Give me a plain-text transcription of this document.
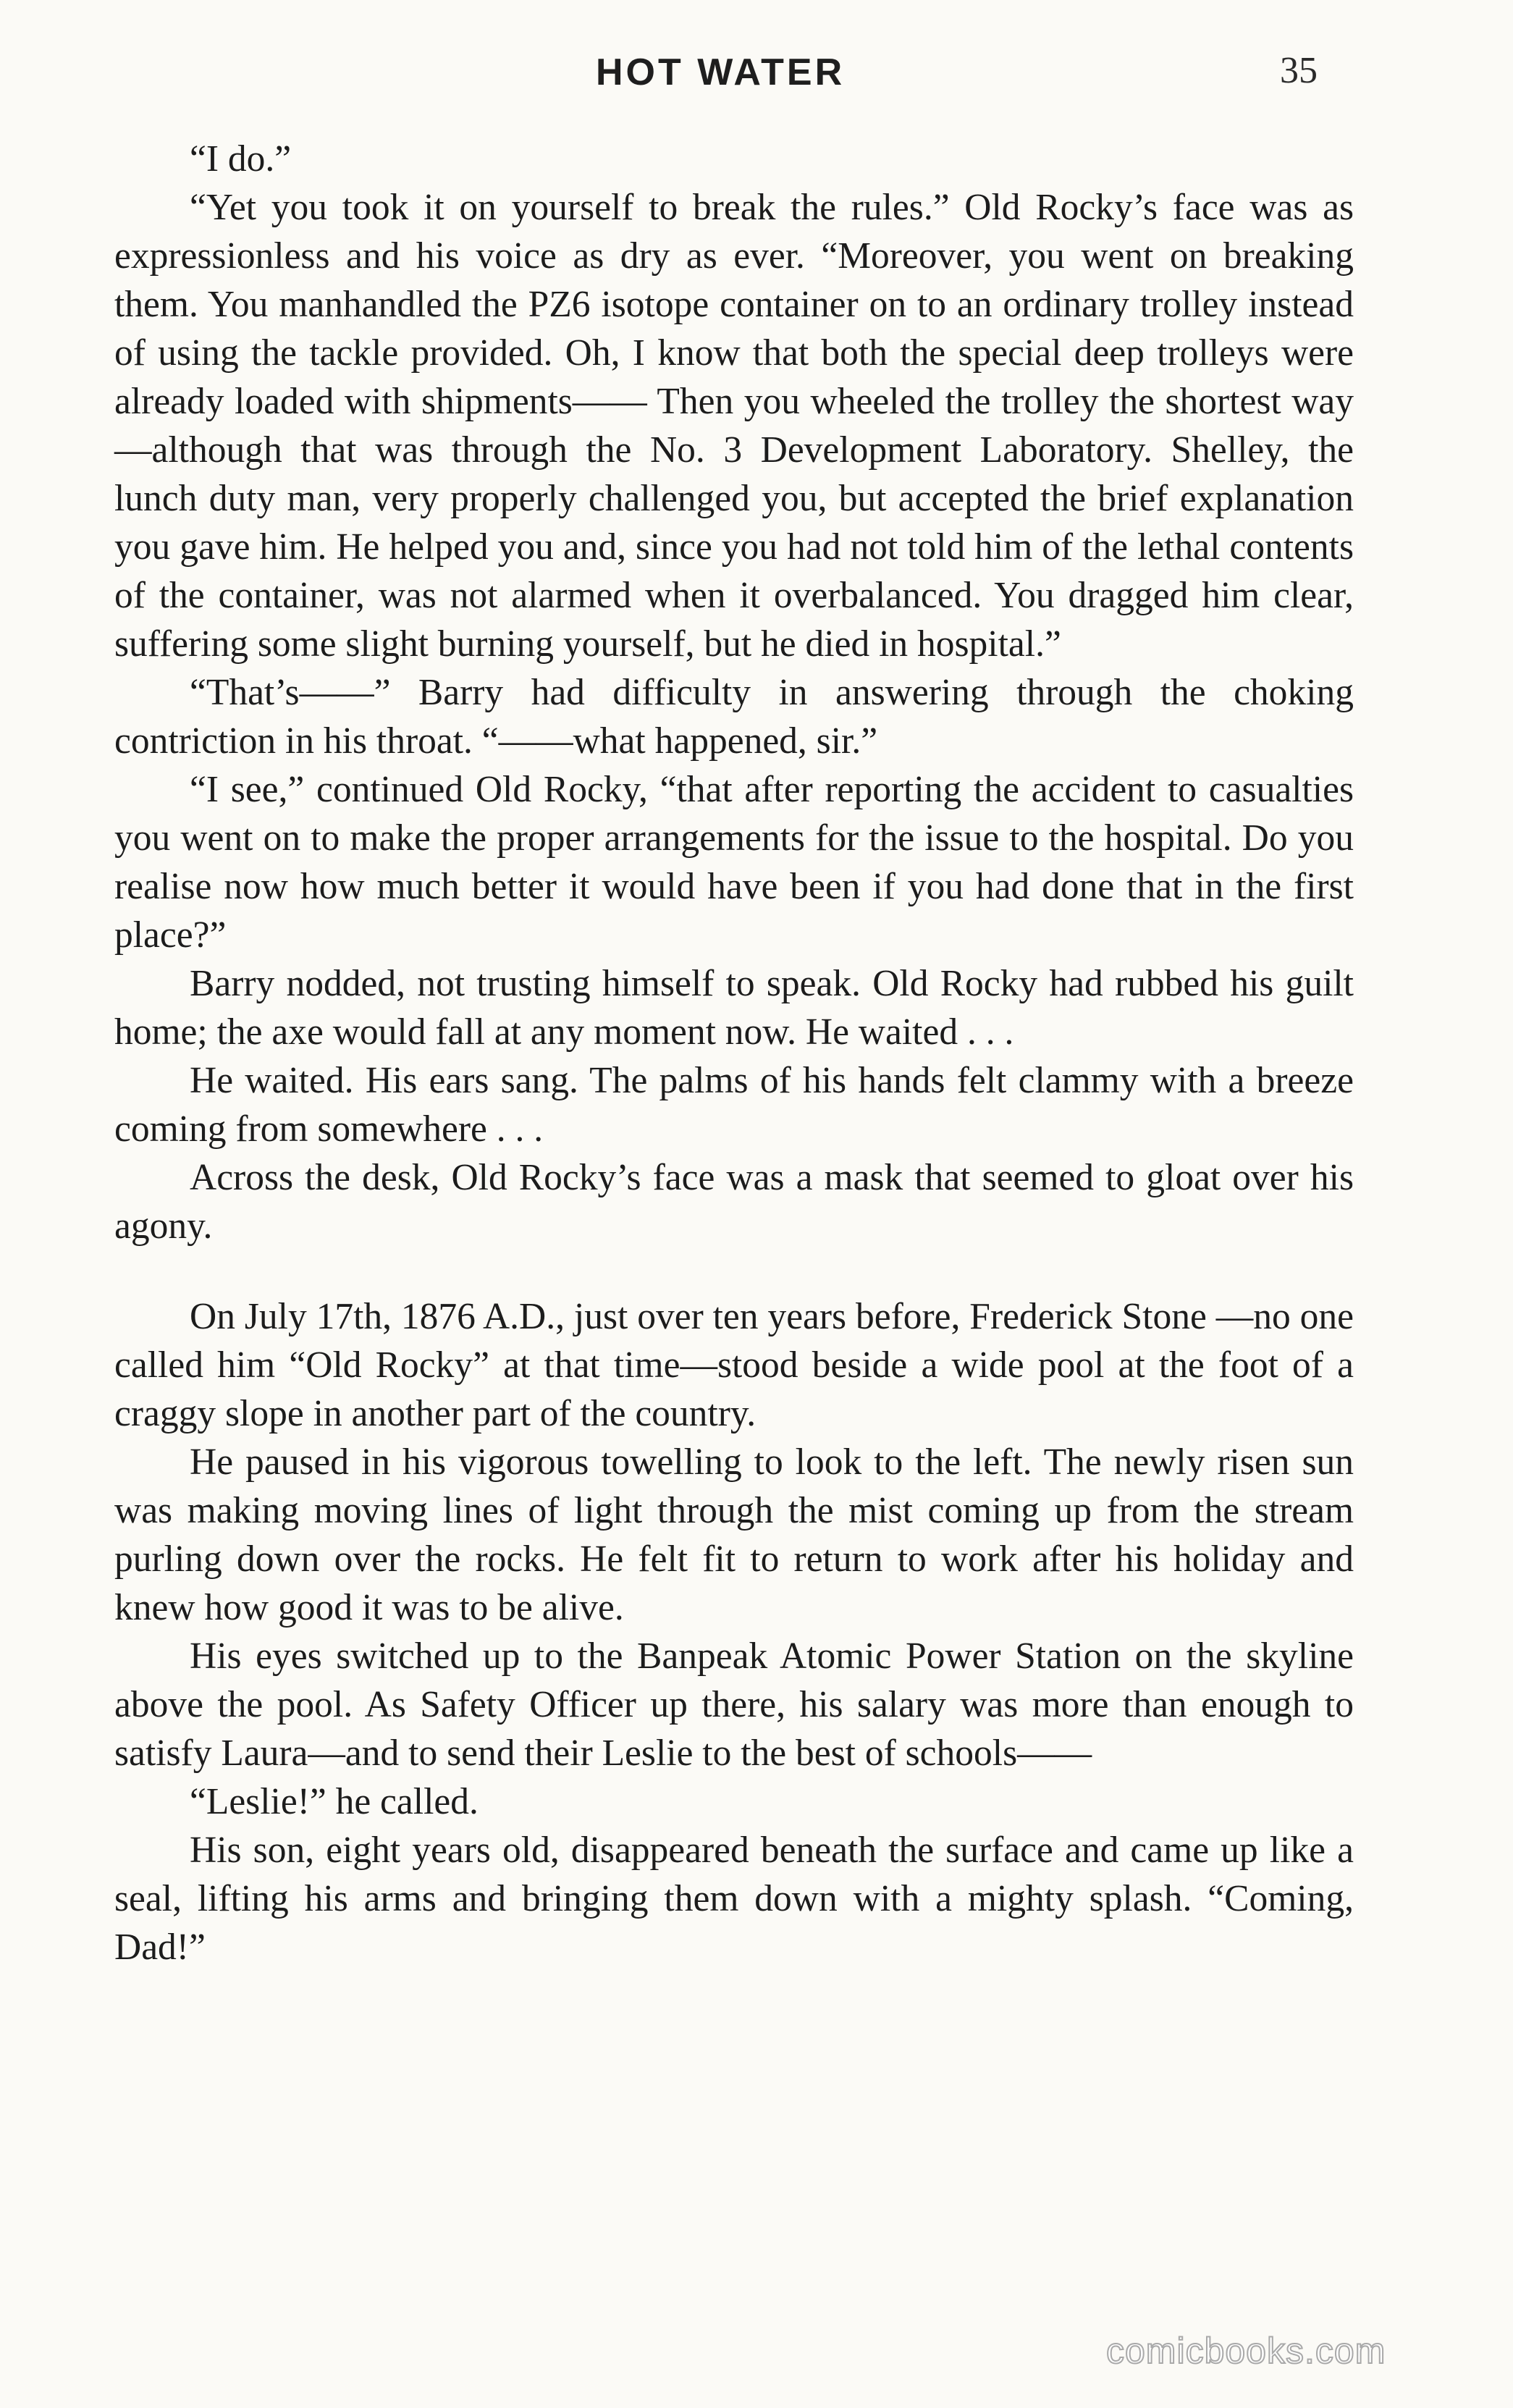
HOT WATER	35

“I do.”

“Yet you took it on yourself to break the rules.” Old Rocky’s face was as expressionless and his voice as dry as ever. “Moreover, you went on breaking them. You manhandled the PZ6 isotope container on to an ordinary trolley instead of using the tackle provided. Oh, I know that both the special deep trolleys were already loaded with shipments—— Then you wheeled the trolley the shortest way—although that was through the No. 3 Development Laboratory. Shelley, the lunch duty man, very properly challenged you, but accepted the brief explanation you gave him. He helped you and, since you had not told him of the lethal contents of the container, was not alarmed when it overbalanced. You dragged him clear, suffering some slight burning yourself, but he died in hospital.”

“That’s——” Barry had difficulty in answering through the choking contriction in his throat. “——what happened, sir.”

“I see,” continued Old Rocky, “that after reporting the accident to casualties you went on to make the proper arrangements for the issue to the hospital. Do you realise now how much better it would have been if you had done that in the first place?”

Barry nodded, not trusting himself to speak. Old Rocky had rubbed his guilt home; the axe would fall at any moment now. He waited . . .

He waited. His ears sang. The palms of his hands felt clammy with a breeze coming from somewhere . . .

Across the desk, Old Rocky’s face was a mask that seemed to gloat over his agony.

On July 17th, 1876 A.D., just over ten years before, Frederick Stone —no one called him “Old Rocky” at that time—stood beside a wide pool at the foot of a craggy slope in another part of the country.

He paused in his vigorous towelling to look to the left. The newly risen sun was making moving lines of light through the mist coming up from the stream purling down over the rocks. He felt fit to return to work after his holiday and knew how good it was to be alive.

His eyes switched up to the Banpeak Atomic Power Station on the skyline above the pool. As Safety Officer up there, his salary was more than enough to satisfy Laura—and to send their Leslie to the best of schools——

“Leslie!” he called.

His son, eight years old, disappeared beneath the surface and came up like a seal, lifting his arms and bringing them down with a mighty splash. “Coming, Dad!”

comicbooks.com
